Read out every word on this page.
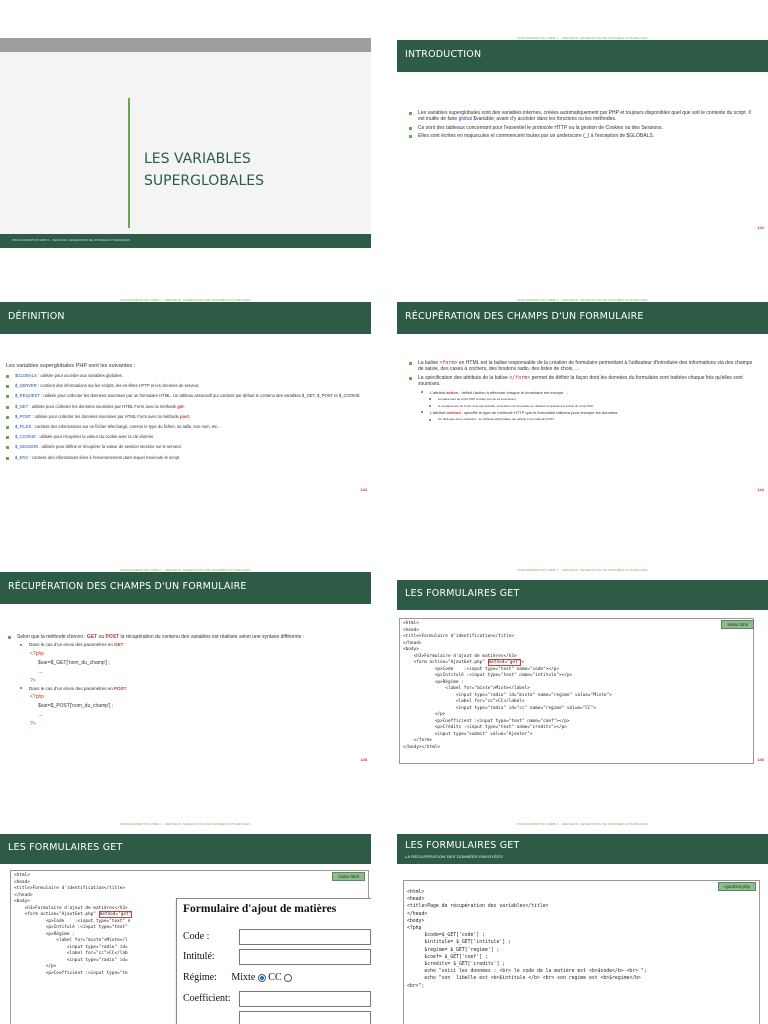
LES VARIABLES
SUPERGLOBALES
PROGRAMMATION WEB 2 – SERVEUR, GENERATION DE DONNÉES DYNAMIQUES
PROGRAMMATION WEB 2 – SERVEUR, GENERATION DE DONNÉES DYNAMIQUES
INTRODUCTION
Les variables superglobales sont des variables internes, créées automatiquement par PHP et toujours disponibles quel que soit le contexte du script. Il est inutile de faire global $variable; avant d'y accéder dans les fonctions ou les méthodes.
Ce sont des tableaux concernant pour l'essentiel le protocole HTTP ou la gestion de Cookies ou des Sessions.
Elles sont écrites en majuscules et commencent toutes par un underscore (_) à l'exception de $GLOBALS.
142
PROGRAMMATION WEB 2 – SERVEUR, GENERATION DE DONNÉES DYNAMIQUES
DÉFINITION
Les variables superglobales PHP sont les suivantes :
$GLOBALS : utilisée pour accéder aux variables globales.
$_SERVER : contient des informations sur les scripts, les en-têtes HTTP et les chemins de serveur.
$_REQUEST : utilisée pour collecter les données soumises par un formulaire HTML. Un tableau associatif qui contient par défaut le contenu des variables $_GET, $_POST et $_COOKIE
$_GET : utilisée pour collecter les données soumises par HTML Form avec la méthode get.
$_POST : utilisée pour collecter les données soumises par HTML Form avec la méthode post.
$_FILES : contient des informations sur un fichier téléchargé, comme le type du fichier, sa taille, son nom, etc..
$_COOKIE : utilisée pour récupérer la valeur du cookie avec la clé donnée.
$_SESSION : utilisée pour définir et récupérer la valeur de session stockée sur le serveur.
$_ENV : contient des informations liées à l'environnement dans lequel s'exécute le script.
143
PROGRAMMATION WEB 2 – SERVEUR, GENERATION DE DONNÉES DYNAMIQUES
RÉCUPÉRATION DES CHAMPS D'UN FORMULAIRE
La balise <form> en HTML est la balise responsable de la création de formulaire permettant à l'utilisateur d'introduire des informations via des champs de saisie, des cases à cochers, des boutons radio, des listes de choix, …
La spécification des attributs de la balise </form> permet de définir la façon dont les données du formulaire sont traitées chaque fois qu'elles sont soumises.
L'attribut action : définit l'action à effectuer lorsque le formulaire est envoyé →
emplacement du script PHP à traiter lors de sa soumission,
si emplacement du script n'est pas spécifié, soumission du formulaire en utilisant l'emplacement actuel du script PHP.
L'attribut method : spécifie le type de méthode HTTP que le formulaire utilisera pour envoyer les données.
On distingue deux méthodes : la méthode GET(utilisée par défaut) et la méthode POST.
144
PROGRAMMATION WEB 2 – SERVEUR, GENERATION DE DONNÉES DYNAMIQUES
RÉCUPÉRATION DES CHAMPS D'UN FORMULAIRE
Selon que la méthode d'envoi : GET ou POST la récupération du contenu des variables est réalisée selon une syntaxe différente :
Dans le cas d'un envoi des paramètres en GET
<?php
$var=$_GET['nom_du_champ'] ;
…
?>
Dans le cas d'un envoi des paramètres en POST
<?php
$var=$_POST['nom_du_champ'] ;
…
?>
145
PROGRAMMATION WEB 2 – SERVEUR, GENERATION DE DONNÉES DYNAMIQUES
LES FORMULAIRES GET
<html>
<head>
<title>Formulaire d'identification</title>
</head>
<body>
<h3>Formulaire d'ajout de matières</h3>
<form action="AjoutGet.php" method="get">
<p>Code    :<input type="text" name="code"></p>
<p>Intitulé :<input type="text" name="intitule"></p>
<p>Régime :
<label for="mixte">Mixte</label>
<input type="radio" id="mixte" name="regime" value="Mixte">
<label for="cc">CC</label>
<input type="radio" id="cc" name="regime" value="CC">
</p>
<p>Coefficient :<input type="text" name="coef"></p>
<p>Crédits :<input type="text" name="credits"></p>
<input type="submit" value="Ajouter">
</form>
</body></html>
index.html
146
PROGRAMMATION WEB 2 – SERVEUR, GENERATION DE DONNÉES DYNAMIQUES
LES FORMULAIRES GET
<html>
<head>
<title>Formulaire d'identification</title>
</head>
<body>
<h3>Formulaire d'ajout de matières</h3>
<form action="AjoutGet.php" method="get"
<p>Code    :<input type="text" n
<p>Intitulé :<input type="text"
<p>Régime :
<label for="mixte">Mixte</l
<input type="radio" id=
<label for="cc">CC</lab
<input type="radio" id=
</p>
<p>Coefficient :<input type="te
index.html
Formulaire d'ajout de matières
Code :
Intitulé:
Régime: Mixte CC
Coefficient:
PROGRAMMATION WEB 2 – SERVEUR, GENERATION DE DONNÉES DYNAMIQUES
LES FORMULAIRES GET
LA RÉCUPÉRATION DES DONNÉES ENVOYÉES
<html>
<head>
<title>Page de récupération des variables</title>
</head>
<body>
<?php
$code=$_GET['code'] ;
$intitule= $_GET['intitule'] ;
$regime= $_GET['regime'] ;
$coef= $_GET['coef'] ;
$credits= $_GET['credits'] ;
echo "voici les données : <br> le code de la matière est <b>$code</b> <br> ";
echo "son  libelle est <b>$intitule </b> <br> son regime est <b>$regime</b>
<br>";
AjoutGet.php
